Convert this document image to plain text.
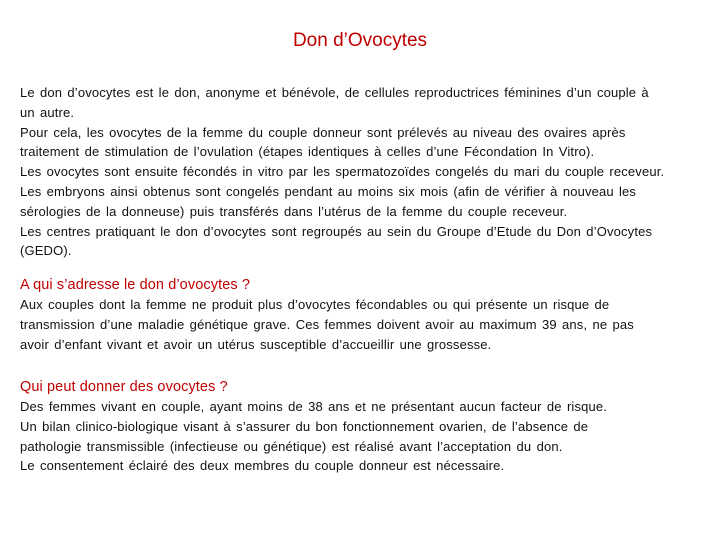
Don d’Ovocytes

Le don d’ovocytes est le don, anonyme et bénévole, de cellules reproductrices féminines d’un couple à
un autre.
Pour cela, les ovocytes de la femme du couple donneur sont prélevés au niveau des ovaires après
traitement de stimulation de l’ovulation (étapes identiques à celles d’une Fécondation In Vitro).
Les ovocytes sont ensuite fécondés in vitro par les spermatozoïdes congelés du mari du couple receveur.
Les embryons ainsi obtenus sont congelés pendant au moins six mois (afin de vérifier à nouveau les
sérologies de la donneuse) puis transférés dans l’utérus de la femme du couple receveur.
Les centres pratiquant le don d’ovocytes sont regroupés au sein du Groupe d’Etude du Don d’Ovocytes
(GEDO).

A qui s’adresse le don d’ovocytes ?

Aux couples dont la femme ne produit plus d’ovocytes fécondables ou qui présente un risque de
transmission d’une maladie génétique grave. Ces femmes doivent avoir au maximum 39 ans, ne pas
avoir d’enfant vivant et avoir un utérus susceptible d’accueillir une grossesse.

Qui peut donner des ovocytes ?

Des femmes vivant en couple, ayant moins de 38 ans et ne présentant aucun facteur de risque.
Un bilan clinico-biologique visant à s’assurer du bon fonctionnement ovarien, de l’absence de
pathologie transmissible (infectieuse ou génétique) est réalisé avant l’acceptation du don.
Le consentement éclairé des deux membres du couple donneur est nécessaire.
